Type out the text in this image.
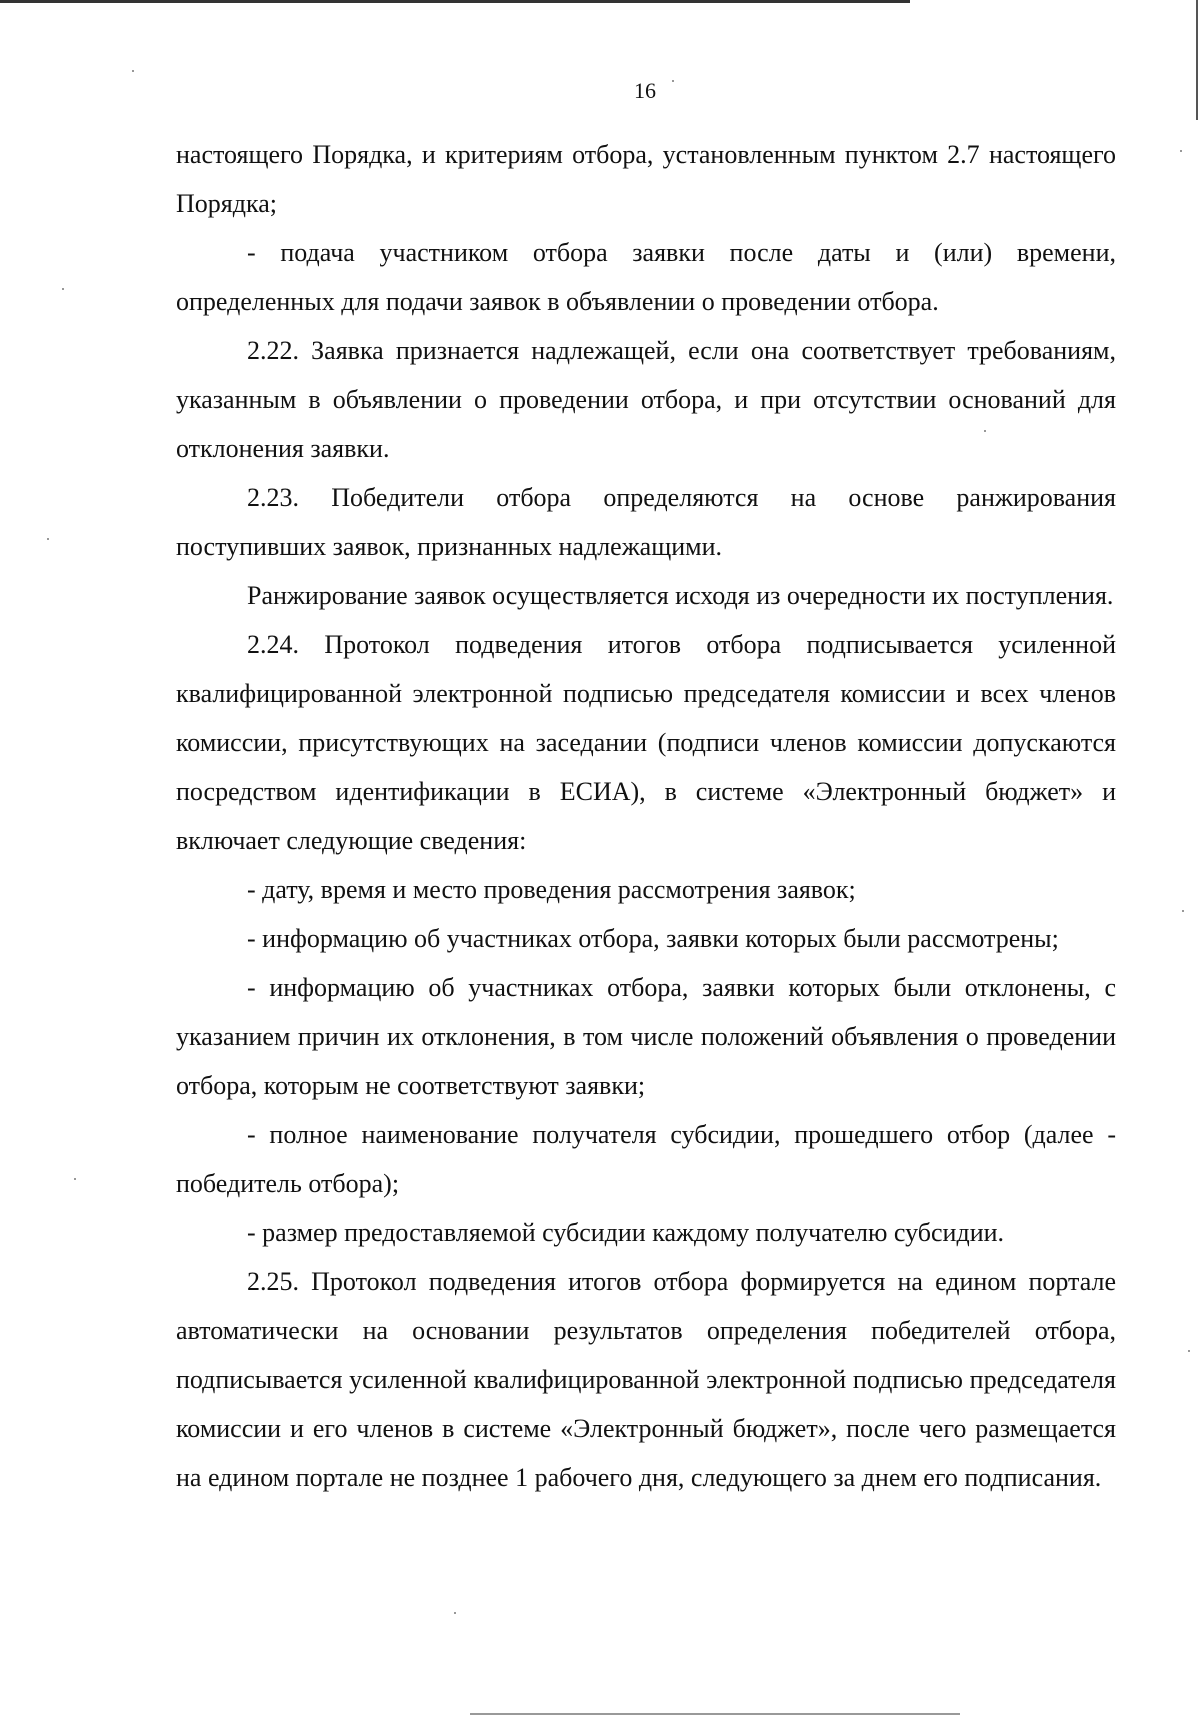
16

настоящего Порядка, и критериям отбора, установленным пунктом 2.7 настоящего Порядка;

- подача участником отбора заявки после даты и (или) времени, определенных для подачи заявок в объявлении о проведении отбора.

2.22. Заявка признается надлежащей, если она соответствует требованиям, указанным в объявлении о проведении отбора, и при отсутствии оснований для отклонения заявки.

2.23. Победители отбора определяются на основе ранжирования поступивших заявок, признанных надлежащими.

Ранжирование заявок осуществляется исходя из очередности их поступления.

2.24. Протокол подведения итогов отбора подписывается усиленной квалифицированной электронной подписью председателя комиссии и всех членов комиссии, присутствующих на заседании (подписи членов комиссии допускаются посредством идентификации в ЕСИА), в системе «Электронный бюджет» и включает следующие сведения:

- дату, время и место проведения рассмотрения заявок;

- информацию об участниках отбора, заявки которых были рассмотрены;

- информацию об участниках отбора, заявки которых были отклонены, с указанием причин их отклонения, в том числе положений объявления о проведении отбора, которым не соответствуют заявки;

- полное наименование получателя субсидии, прошедшего отбор (далее - победитель отбора);

- размер предоставляемой субсидии каждому получателю субсидии.

2.25. Протокол подведения итогов отбора формируется на едином портале автоматически на основании результатов определения победителей отбора, подписывается усиленной квалифицированной электронной подписью председателя комиссии и его членов в системе «Электронный бюджет», после чего размещается на едином портале не позднее 1 рабочего дня, следующего за днем его подписания.
